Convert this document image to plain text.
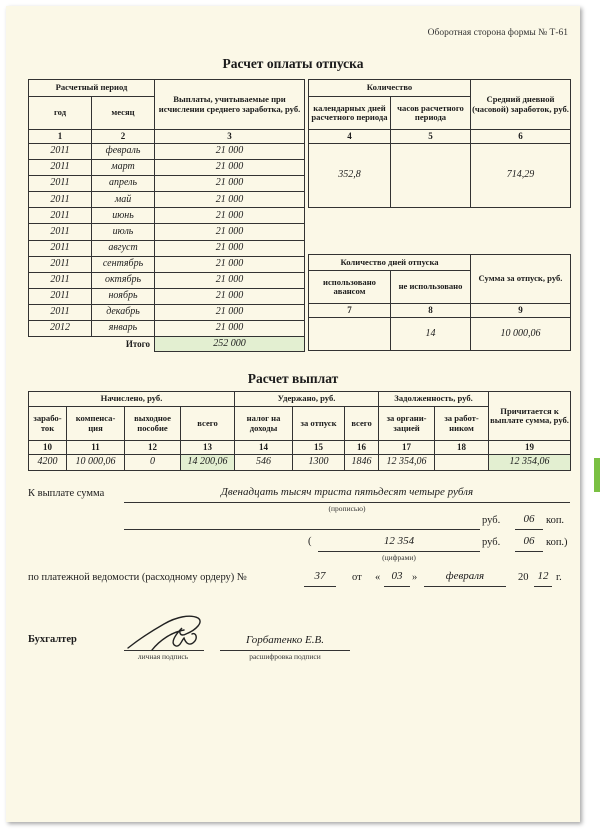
Оборотная сторона формы № Т-61
Расчет оплаты отпуска
Расчетный период		Выплаты, учитываемые при исчислении среднего заработка, руб.
год	месяц	
1	2	3
2011	февраль	21 000
2011	март	21 000
2011	апрель	21 000
2011	май	21 000
2011	июнь	21 000
2011	июль	21 000
2011	август	21 000
2011	сентябрь	21 000
2011	октябрь	21 000
2011	ноябрь	21 000
2011	декабрь	21 000
2012	январь	21 000
Итого		252 000
Количество		Средний дневной (часовой) заработок, руб.
календарных дней расчетного периода	часов расчетного периода	
4	5	6
352,8		714,29
Количество дней отпуска		Сумма за отпуск, руб.
использовано авансом	не использовано	
7	8	9
	14	10 000,06
Расчет выплат
Начислено, руб.				Удержано, руб.			Задолженность, руб.		Причитается к выплате сумма, руб.
зарабо- ток	компенса- ция	выходное пособие	всего	налог на доходы	за отпуск	всего	за органи- зацией	за работ- ником	
10	11	12	13	14	15	16	17	18	19
4200	10 000,06	0	14 200,06	546	1300	1846	12 354,06		12 354,06
К выплате сумма	Двенадцать тысяч триста пятьдесят четыре рубля
(прописью)
руб.	06	коп.
(	12 354
(цифрами)
руб.	06	коп.)
по платежной ведомости (расходному ордеру) №	37	от «	03 »	февраля	20 12 г.
Бухгалтер
личная подпись
Горбатенко Е.В.
расшифровка подписи
